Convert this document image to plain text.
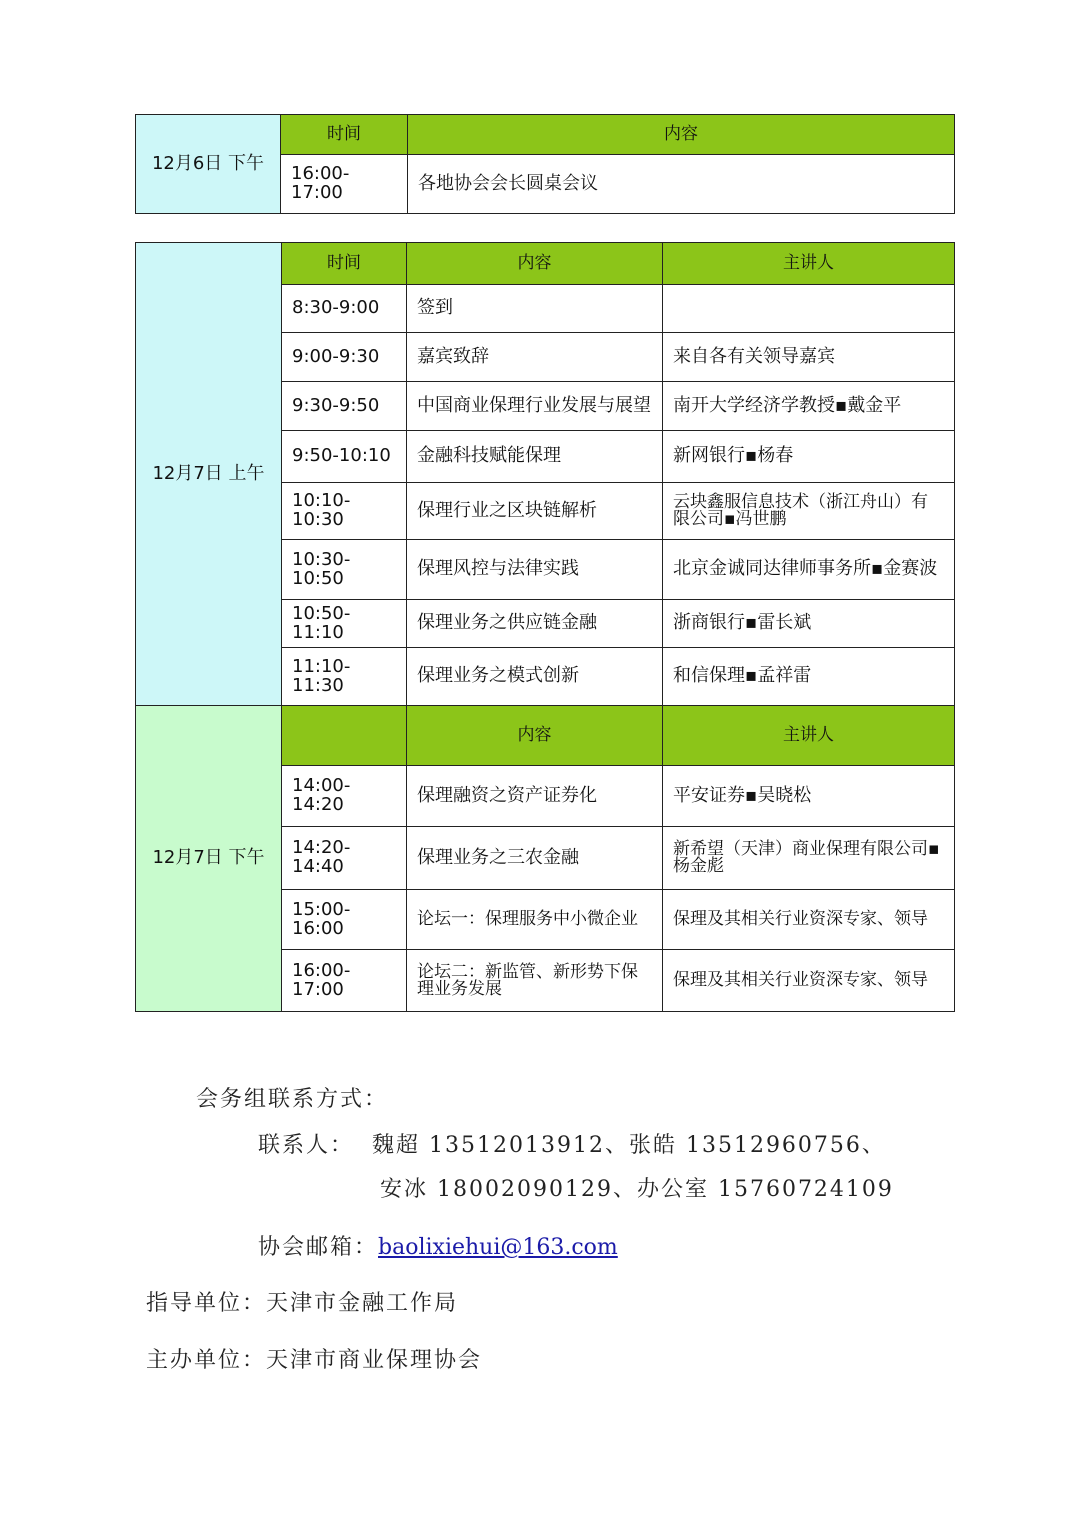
12月6日 下午	时间	内容
	16:00-17:00	各地协会会长圆桌会议
12月7日 上午	时间	内容	主讲人
	8:30-9:00	签到	
	9:00-9:30	嘉宾致辞	来自各有关领导嘉宾
	9:30-9:50	中国商业保理行业发展与展望	南开大学经济学教授▪戴金平
	9:50-10:10	金融科技赋能保理	新网银行▪杨春
	10:10-10:30	保理行业之区块链解析	云块鑫服信息技术（浙江舟山）有限公司▪冯世鹏
	10:30-10:50	保理风控与法律实践	北京金诚同达律师事务所▪金赛波
	10:50-11:10	保理业务之供应链金融	浙商银行▪雷长斌
	11:10-11:30	保理业务之模式创新	和信保理▪孟祥雷
12月7日 下午		内容	主讲人
	14:00-14:20	保理融资之资产证券化	平安证券▪吴晓松
	14:20-14:40	保理业务之三农金融	新希望（天津）商业保理有限公司▪杨金彪
	15:00-16:00	论坛一：保理服务中小微企业	保理及其相关行业资深专家、领导
	16:00-17:00	论坛二：新监管、新形势下保理业务发展	保理及其相关行业资深专家、领导
会务组联系方式：
联系人： 魏超 13512013912、张皓 13512960756、
安冰 18002090129、办公室 15760724109
协会邮箱：baolixiehui@163.com
指导单位：天津市金融工作局
主办单位：天津市商业保理协会
